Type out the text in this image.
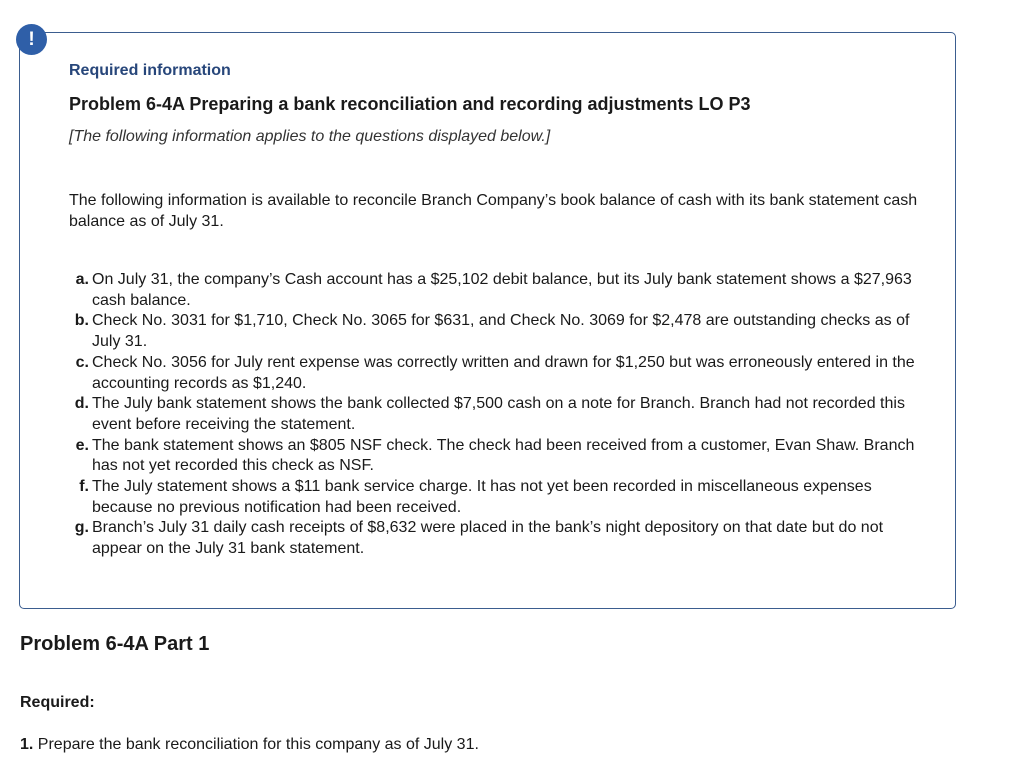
!
Required information
Problem 6-4A Preparing a bank reconciliation and recording adjustments LO P3
[The following information applies to the questions displayed below.]
The following information is available to reconcile Branch Company’s book balance of cash with its bank statement cash balance as of July 31.
a. On July 31, the company’s Cash account has a $25,102 debit balance, but its July bank statement shows a $27,963 cash balance.
b. Check No. 3031 for $1,710, Check No. 3065 for $631, and Check No. 3069 for $2,478 are outstanding checks as of July 31.
c. Check No. 3056 for July rent expense was correctly written and drawn for $1,250 but was erroneously entered in the accounting records as $1,240.
d. The July bank statement shows the bank collected $7,500 cash on a note for Branch. Branch had not recorded this event before receiving the statement.
e. The bank statement shows an $805 NSF check. The check had been received from a customer, Evan Shaw. Branch has not yet recorded this check as NSF.
f. The July statement shows a $11 bank service charge. It has not yet been recorded in miscellaneous expenses because no previous notification had been received.
g. Branch’s July 31 daily cash receipts of $8,632 were placed in the bank’s night depository on that date but do not appear on the July 31 bank statement.
Problem 6-4A Part 1
Required:
1. Prepare the bank reconciliation for this company as of July 31.
